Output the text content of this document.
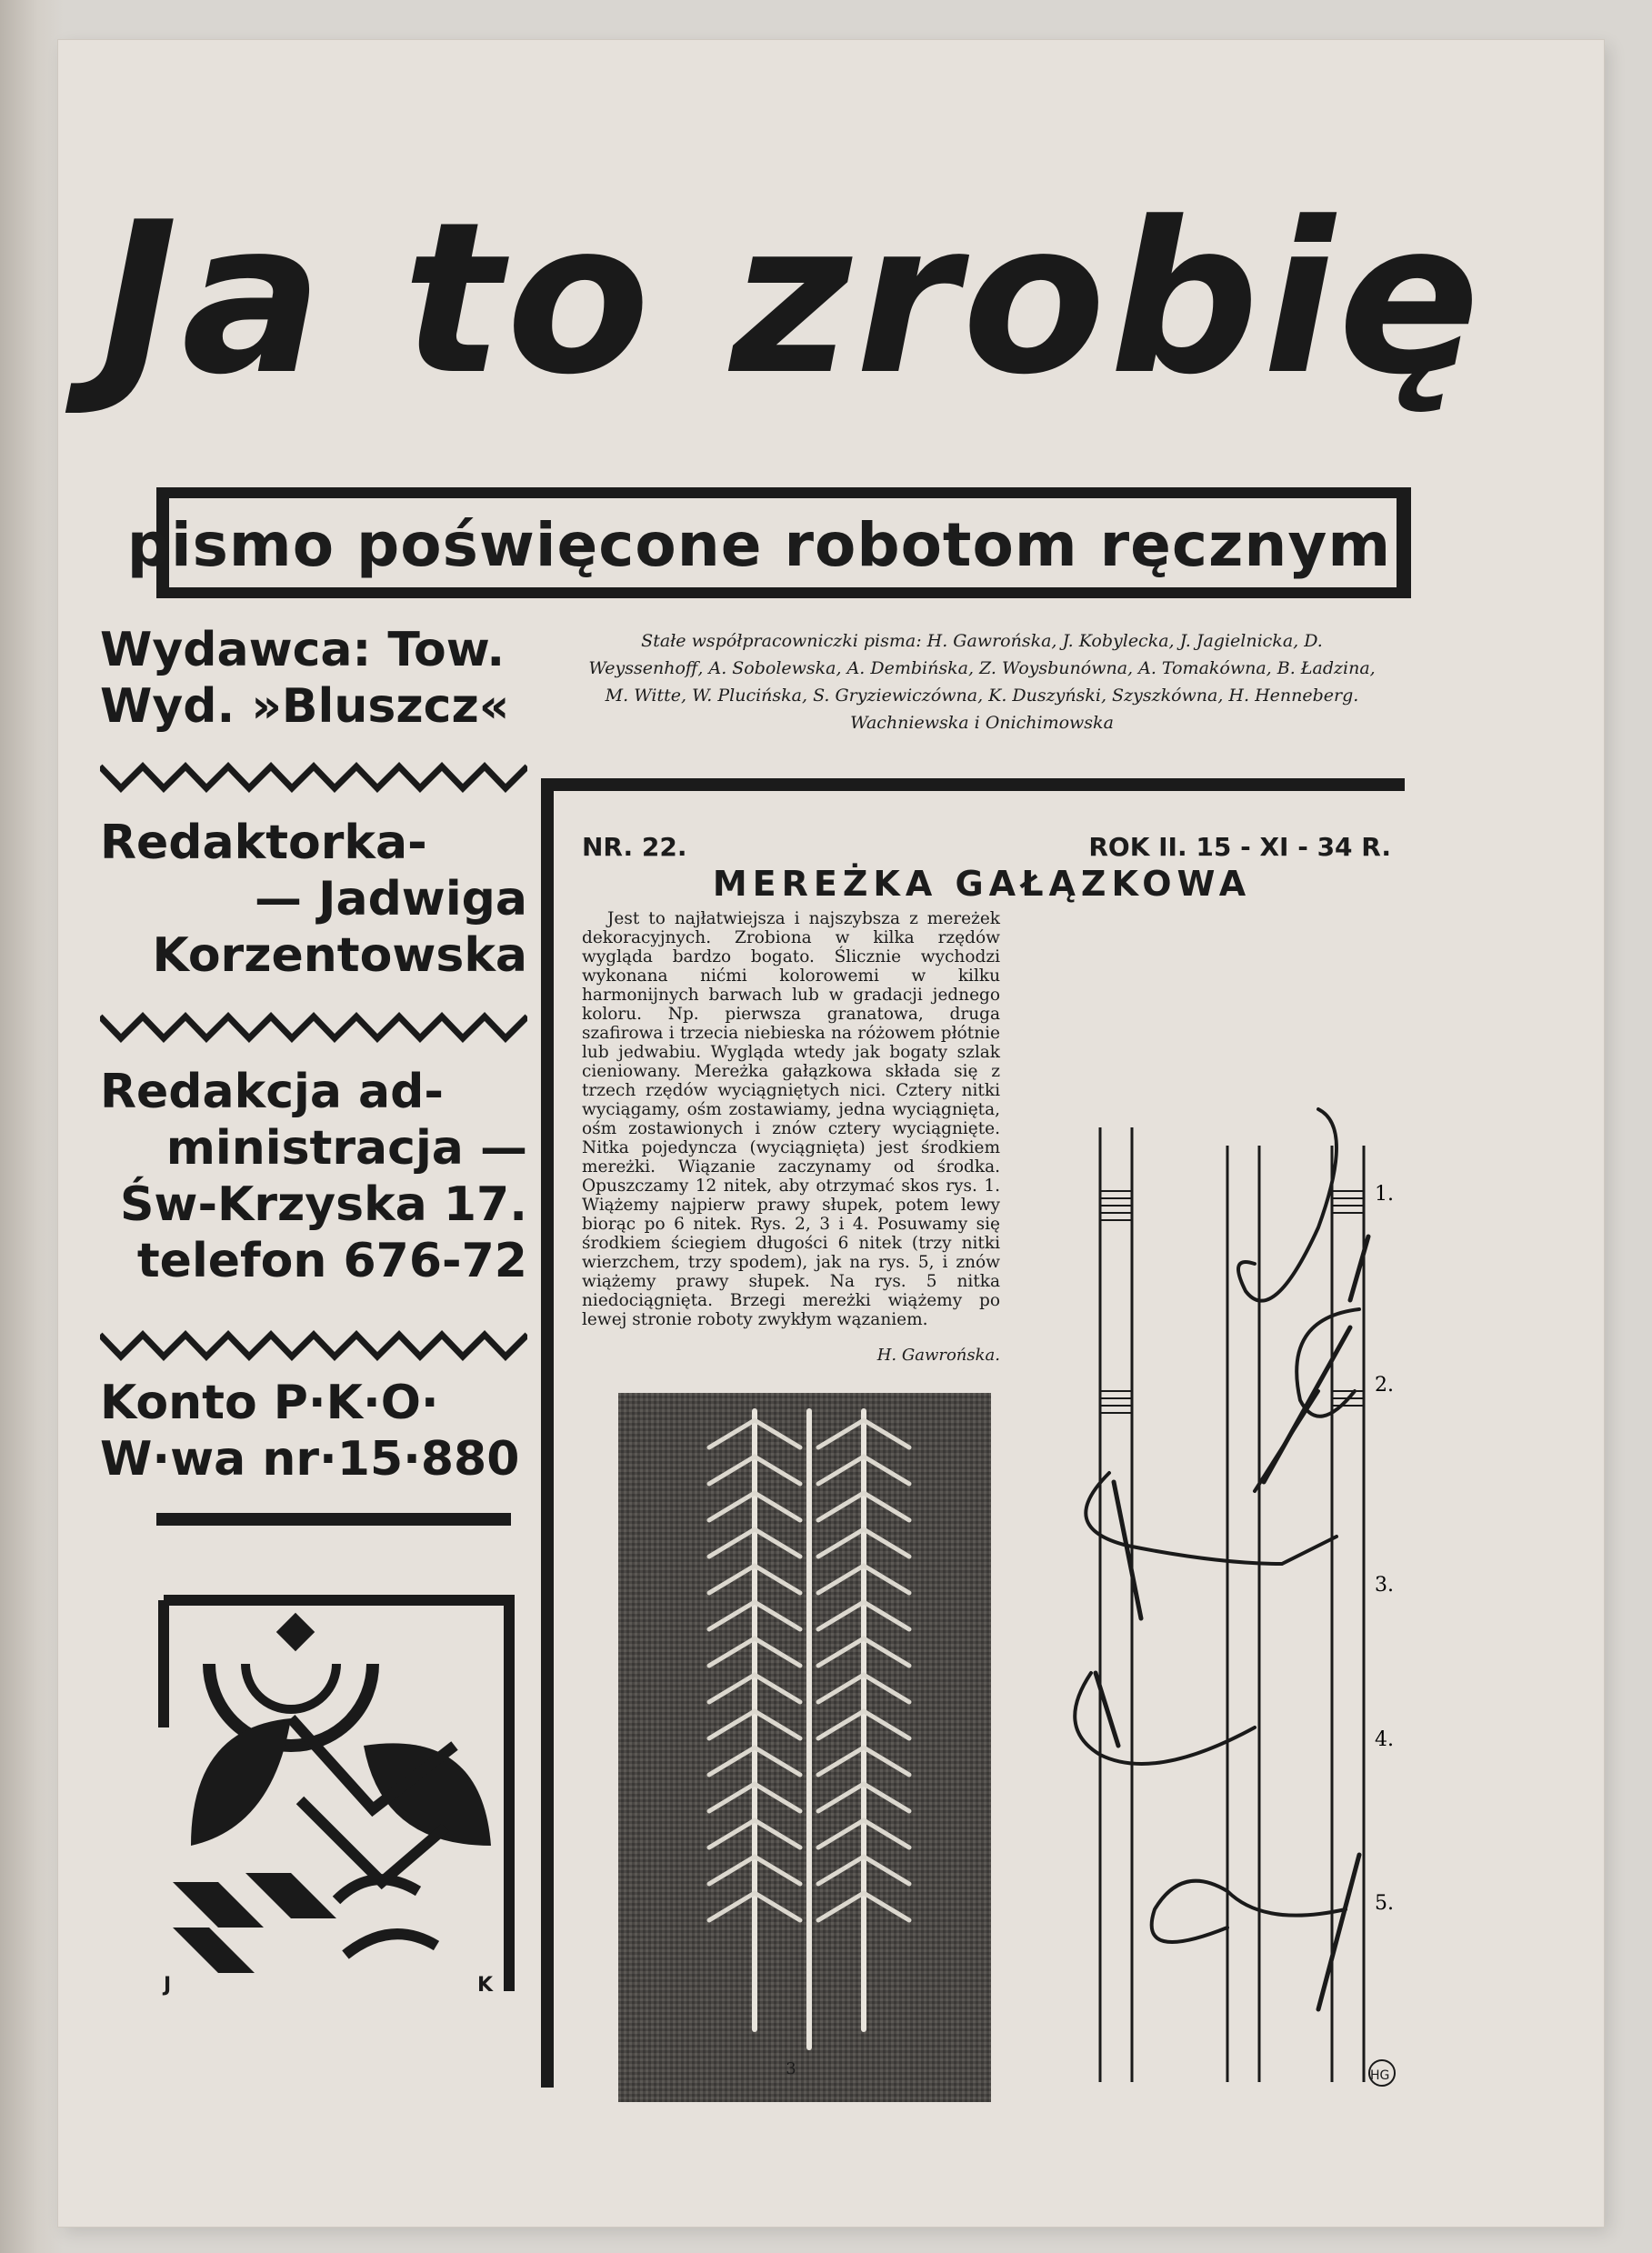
Ja to zrobię
pismo poświęcone robotom ręcznym
Wydawca: Tow.
Wyd. »Bluszcz«
Redaktorka-
— Jadwiga
Korzentowska
Redakcja ad-
ministracja —
Św-Krzyska 17.
telefon 676-72
Konto P·K·O·
W·wa nr·15·880
J	K
Stałe współpracowniczki pisma: H. Gawrońska, J. Kobylecka, J. Jagielnicka, D. Weyssenhoff, A. Sobolewska, A. Dembińska, Z. Woysbunówna, A. Tomakówna, B. Ładzina, M. Witte, W. Plucińska, S. Gryziewiczówna, K. Duszyński, Szyszkówna, H. Henneberg. Wachniewska i Onichimowska
NR. 22.	ROK II. 15 - XI - 34 R.
MEREŻKA GAŁĄZKOWA
Jest to najłatwiejsza i najszybsza z mereżek dekoracyjnych. Zrobiona w kilka rzędów wygląda bardzo bogato. Ślicznie wychodzi wykonana nićmi kolorowemi w kilku harmonijnych barwach lub w gradacji jednego koloru. Np. pierwsza granatowa, druga szafirowa i trzecia niebieska na różowem płótnie lub jedwabiu. Wygląda wtedy jak bogaty szlak cieniowany. Mereżka gałązkowa składa się z trzech rzędów wyciągniętych nici. Cztery nitki wyciągamy, ośm zostawiamy, jedna wyciągnięta, ośm zostawionych i znów cztery wyciągnięte. Nitka pojedyncza (wyciągnięta) jest środkiem mereżki. Wiązanie zaczynamy od środka. Opuszczamy 12 nitek, aby otrzymać skos rys. 1. Wiążemy najpierw prawy słupek, potem lewy biorąc po 6 nitek. Rys. 2, 3 i 4. Posuwamy się środkiem ściegiem długości 6 nitek (trzy nitki wierzchem, trzy spodem), jak na rys. 5, i znów wiążemy prawy słupek. Na rys. 5 nitka niedociągnięta. Brzegi mereżki wiążemy po lewej stronie roboty zwykłym wązaniem.
H. Gawrońska.
1.
2.
3.
4.
5.
HG
3
